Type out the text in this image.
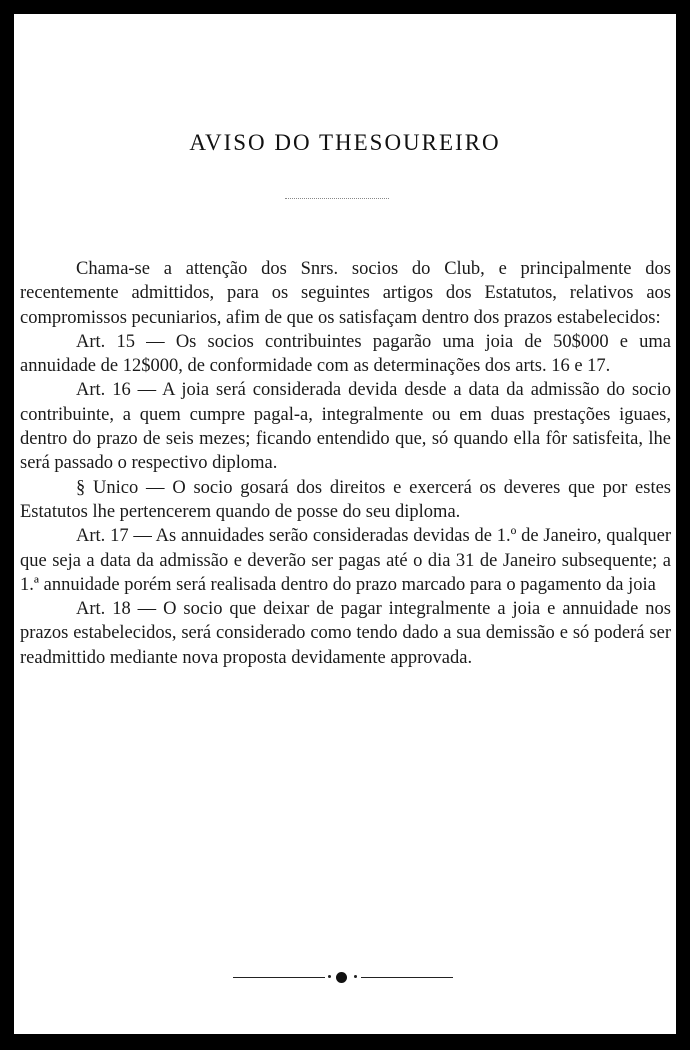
AVISO DO THESOUREIRO

Chama-se a attenção dos Snrs. socios do Club, e principalmente dos recentemente admittidos, para os seguintes artigos dos Estatutos, relativos aos compromissos pecuniarios, afim de que os satisfaçam dentro dos prazos estabelecidos:

Art. 15 — Os socios contribuintes pagarão uma joia de 50$000 e uma annuidade de 12$000, de conformidade com as determinações dos arts. 16 e 17.

Art. 16 — A joia será considerada devida desde a data da admissão do socio contribuinte, a quem cumpre pagal-a, integralmente ou em duas prestações iguaes, dentro do prazo de seis mezes; ficando entendido que, só quando ella fôr satisfeita, lhe será passado o respectivo diploma.

§ Unico — O socio gosará dos direitos e exercerá os deveres que por estes Estatutos lhe pertencerem quando de posse do seu diploma.

Art. 17 — As annuidades serão consideradas devidas de 1.º de Janeiro, qualquer que seja a data da admissão e deverão ser pagas até o dia 31 de Janeiro subsequente; a 1.ª annuidade porém será realisada dentro do prazo marcado para o pagamento da joia

Art. 18 — O socio que deixar de pagar integralmente a joia e annuidade nos prazos estabelecidos, será considerado como tendo dado a sua demissão e só poderá ser readmittido mediante nova proposta devidamente approvada.
